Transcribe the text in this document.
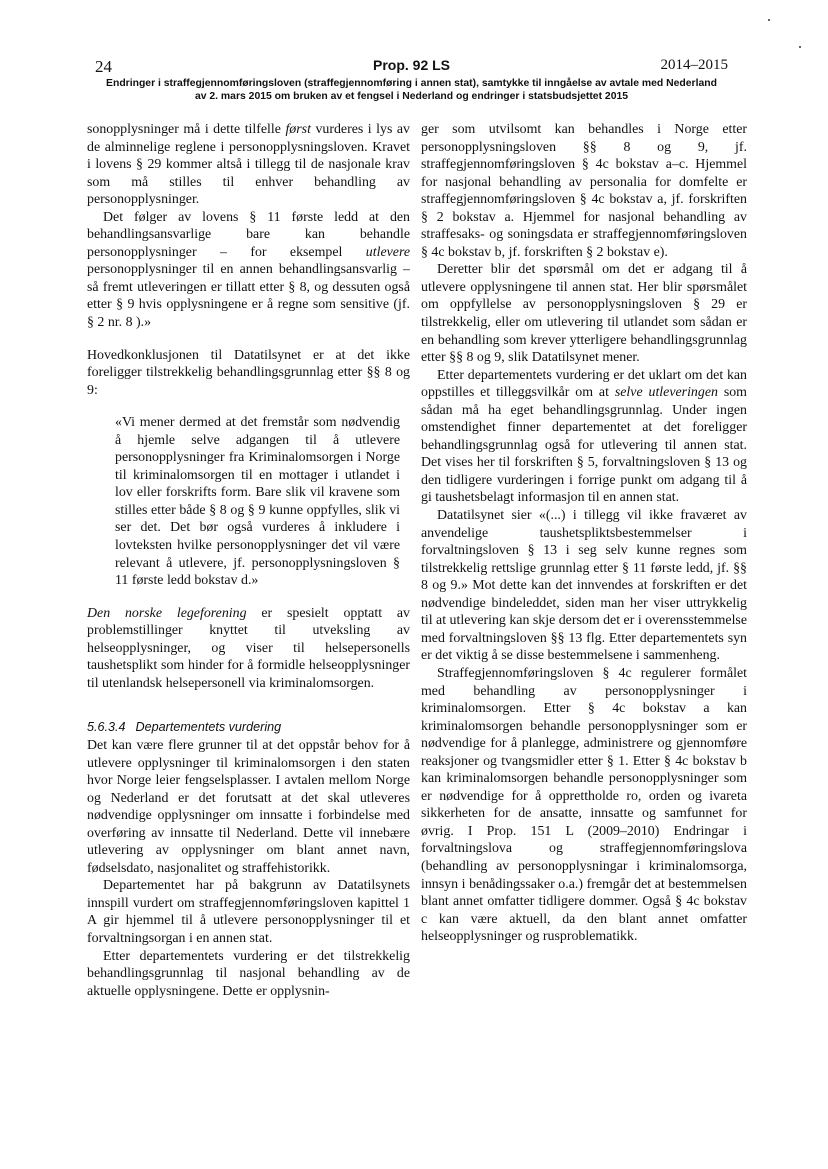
24	Prop. 92 LS	2014–2015
Endringer i straffegjennomføringsloven (straffegjennomføring i annen stat), samtykke til inngåelse av avtale med Nederland
av 2. mars 2015 om bruken av et fengsel i Nederland og endringer i statsbudsjettet 2015

sonopplysninger må i dette tilfelle først vurderes i lys av de alminnelige reglene i personopplysningsloven. Kravet i lovens § 29 kommer altså i tillegg til de nasjonale krav som må stilles til enhver behandling av personopplysninger.

Det følger av lovens § 11 første ledd at den behandlingsansvarlige bare kan behandle personopplysninger – for eksempel utlevere personopplysninger til en annen behandlingsansvarlig – så fremt utleveringen er tillatt etter § 8, og dessuten også etter § 9 hvis opplysningene er å regne som sensitive (jf. § 2 nr. 8 ).»

Hovedkonklusjonen til Datatilsynet er at det ikke foreligger tilstrekkelig behandlingsgrunnlag etter §§ 8 og 9:

«Vi mener dermed at det fremstår som nødvendig å hjemle selve adgangen til å utlevere personopplysninger fra Kriminalomsorgen i Norge til kriminalomsorgen til en mottager i utlandet i lov eller forskrifts form. Bare slik vil kravene som stilles etter både § 8 og § 9 kunne oppfylles, slik vi ser det. Det bør også vurderes å inkludere i lovteksten hvilke personopplysninger det vil være relevant å utlevere, jf. personopplysningsloven § 11 første ledd bokstav d.»

Den norske legeforening er spesielt opptatt av problemstillinger knyttet til utveksling av helseopplysninger, og viser til helsepersonells taushetsplikt som hinder for å formidle helseopplysninger til utenlandsk helsepersonell via kriminalomsorgen.

5.6.3.4 Departementets vurdering

Det kan være flere grunner til at det oppstår behov for å utlevere opplysninger til kriminalomsorgen i den staten hvor Norge leier fengselsplasser. I avtalen mellom Norge og Nederland er det forutsatt at det skal utleveres nødvendige opplysninger om innsatte i forbindelse med overføring av innsatte til Nederland. Dette vil innebære utlevering av opplysninger om blant annet navn, fødselsdato, nasjonalitet og straffehistorikk.

Departementet har på bakgrunn av Datatilsynets innspill vurdert om straffegjennomføringsloven kapittel 1 A gir hjemmel til å utlevere personopplysninger til et forvaltningsorgan i en annen stat.

Etter departementets vurdering er det tilstrekkelig behandlingsgrunnlag til nasjonal behandling av de aktuelle opplysningene. Dette er opplysnin-

ger som utvilsomt kan behandles i Norge etter personopplysningsloven §§ 8 og 9, jf. straffegjennomføringsloven § 4c bokstav a–c. Hjemmel for nasjonal behandling av personalia for domfelte er straffegjennomføringsloven § 4c bokstav a, jf. forskriften § 2 bokstav a. Hjemmel for nasjonal behandling av straffesaks- og soningsdata er straffegjennomføringsloven § 4c bokstav b, jf. forskriften § 2 bokstav e).

Deretter blir det spørsmål om det er adgang til å utlevere opplysningene til annen stat. Her blir spørsmålet om oppfyllelse av personopplysningsloven § 29 er tilstrekkelig, eller om utlevering til utlandet som sådan er en behandling som krever ytterligere behandlingsgrunnlag etter §§ 8 og 9, slik Datatilsynet mener.

Etter departementets vurdering er det uklart om det kan oppstilles et tilleggsvilkår om at selve utleveringen som sådan må ha eget behandlingsgrunnlag. Under ingen omstendighet finner departementet at det foreligger behandlingsgrunnlag også for utlevering til annen stat. Det vises her til forskriften § 5, forvaltningsloven § 13 og den tidligere vurderingen i forrige punkt om adgang til å gi taushetsbelagt informasjon til en annen stat.

Datatilsynet sier «(...) i tillegg vil ikke fraværet av anvendelige taushetspliktsbestemmelser i forvaltningsloven § 13 i seg selv kunne regnes som tilstrekkelig rettslige grunnlag etter § 11 første ledd, jf. §§ 8 og 9.» Mot dette kan det innvendes at forskriften er det nødvendige bindeleddet, siden man her viser uttrykkelig til at utlevering kan skje dersom det er i overensstemmelse med forvaltningsloven §§ 13 flg. Etter departementets syn er det viktig å se disse bestemmelsene i sammenheng.

Straffegjennomføringsloven § 4c regulerer formålet med behandling av personopplysninger i kriminalomsorgen. Etter § 4c bokstav a kan kriminalomsorgen behandle personopplysninger som er nødvendige for å planlegge, administrere og gjennomføre reaksjoner og tvangsmidler etter § 1. Etter § 4c bokstav b kan kriminalomsorgen behandle personopplysninger som er nødvendige for å opprettholde ro, orden og ivareta sikkerheten for de ansatte, innsatte og samfunnet for øvrig. I Prop. 151 L (2009–2010) Endringar i forvaltningslova og straffegjennomføringslova (behandling av personopplysningar i kriminalomsorga, innsyn i benådingssaker o.a.) fremgår det at bestemmelsen blant annet omfatter tidligere dommer. Også § 4c bokstav c kan være aktuell, da den blant annet omfatter helseopplysninger og rusproblematikk.
